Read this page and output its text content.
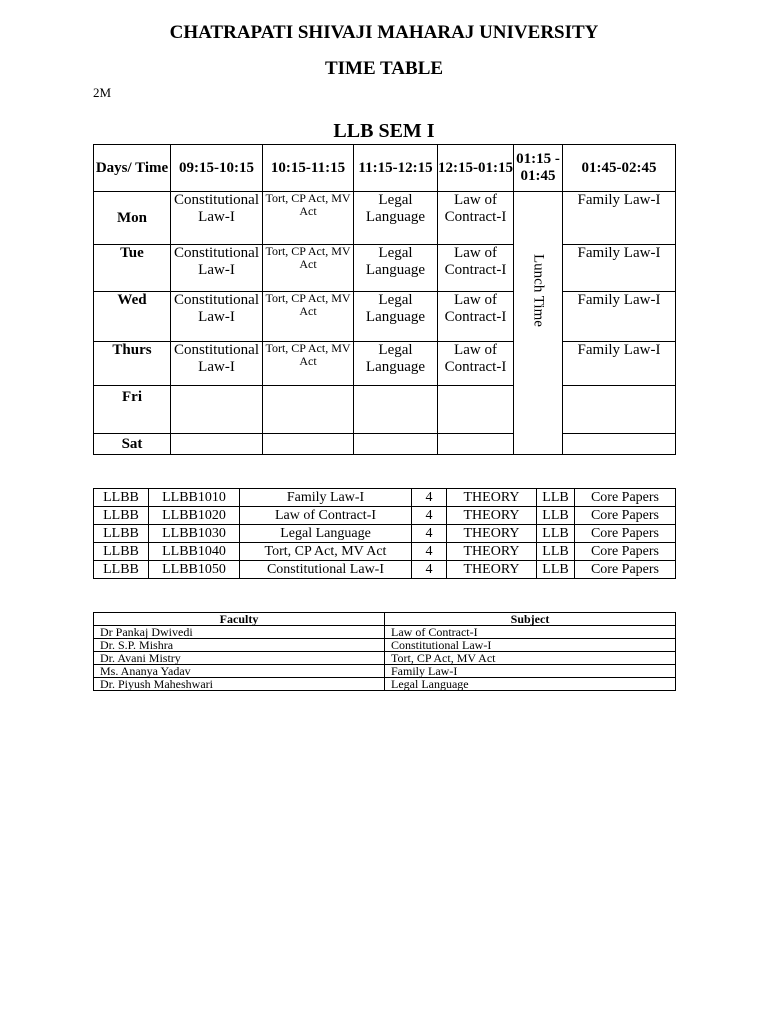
CHATRAPATI SHIVAJI MAHARAJ UNIVERSITY
TIME TABLE
2M
LLB SEM I
Days/ Time	09:15-10:15	10:15-11:15	11:15-12:15	12:15-01:15	01:15 - 01:45	01:45-02:45
Mon	Constitutional Law-I	Tort, CP Act, MV Act	Legal Language	Law of Contract-I	Lunch Time	Family Law-I
Tue	Constitutional Law-I	Tort, CP Act, MV Act	Legal Language	Law of Contract-I		Family Law-I
Wed	Constitutional Law-I	Tort, CP Act, MV Act	Legal Language	Law of Contract-I		Family Law-I
Thurs	Constitutional Law-I	Tort, CP Act, MV Act	Legal Language	Law of Contract-I		Family Law-I
Fri						
Sat						
LLBB	LLBB1010	Family Law-I	4	THEORY	LLB	Core Papers
LLBB	LLBB1020	Law of Contract-I	4	THEORY	LLB	Core Papers
LLBB	LLBB1030	Legal Language	4	THEORY	LLB	Core Papers
LLBB	LLBB1040	Tort, CP Act, MV Act	4	THEORY	LLB	Core Papers
LLBB	LLBB1050	Constitutional Law-I	4	THEORY	LLB	Core Papers
Faculty	Subject
Dr Pankaj Dwivedi	Law of Contract-I
Dr. S.P. Mishra	Constitutional Law-I
Dr. Avani Mistry	Tort, CP Act, MV Act
Ms. Ananya Yadav	Family Law-I
Dr. Piyush Maheshwari	Legal Language
